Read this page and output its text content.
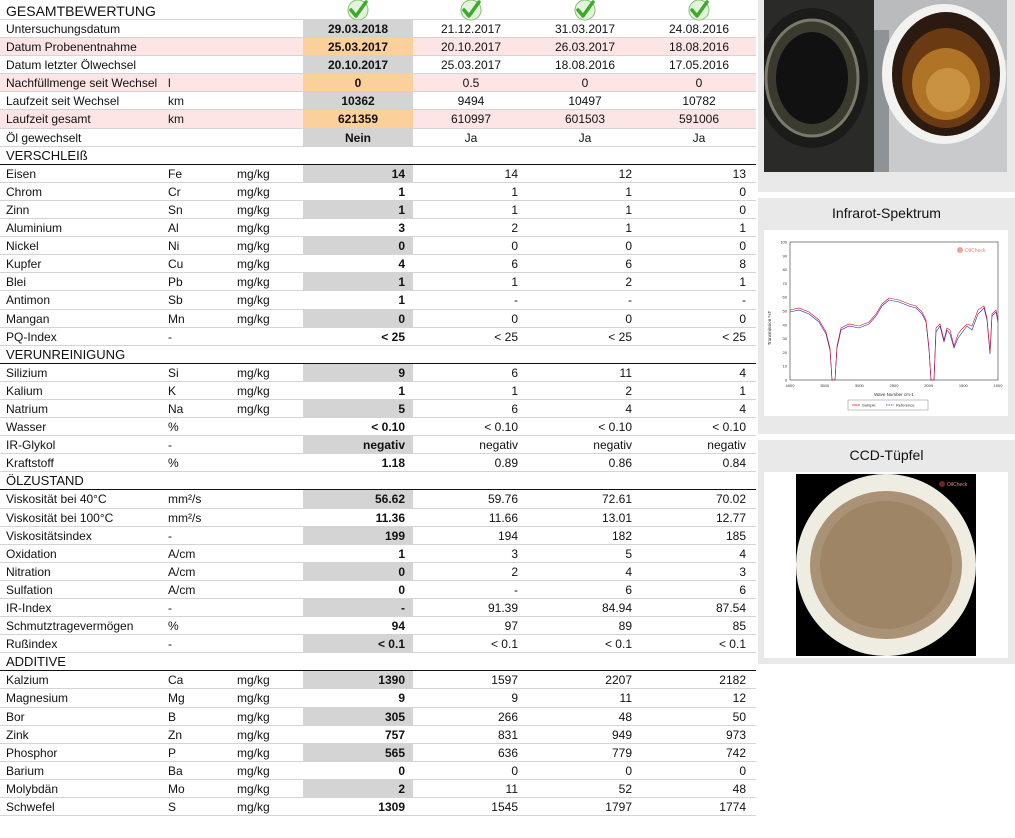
GESAMTBEWERTUNG
Untersuchungsdatum	29.03.2018	21.12.2017	31.03.2017	24.08.2016
Datum Probenentnahme	25.03.2017	20.10.2017	26.03.2017	18.08.2016
Datum letzter Ölwechsel	20.10.2017	25.03.2017	18.08.2016	17.05.2016
Nachfüllmenge seit Wechsel l	0	0.5	0	0
Laufzeit seit Wechsel	km	10362	9494	10497	10782
Laufzeit gesamt	km	621359	610997	601503	591006
Öl gewechselt	Nein	Ja	Ja	Ja
VERSCHLEIß
Eisen	Fe	mg/kg	14	14	12	13
Chrom	Cr	mg/kg	1	1	1	0
Zinn	Sn	mg/kg	1	1	1	0
Aluminium	Al	mg/kg	3	2	1	1
Nickel	Ni	mg/kg	0	0	0	0
Kupfer	Cu	mg/kg	4	6	6	8
Blei	Pb	mg/kg	1	1	2	1
Antimon	Sb	mg/kg	1	-	-	-
Mangan	Mn	mg/kg	0	0	0	0
PQ-Index	-	< 25	< 25	< 25	< 25
VERUNREINIGUNG
Silizium	Si	mg/kg	9	6	11	4
Kalium	K	mg/kg	1	1	2	1
Natrium	Na	mg/kg	5	6	4	4
Wasser	%	< 0.10	< 0.10	< 0.10	< 0.10
IR-Glykol	-	negativ	negativ	negativ	negativ
Kraftstoff	%	1.18	0.89	0.86	0.84
ÖLZUSTAND
Viskosität bei 40°C	mm²/s	56.62	59.76	72.61	70.02
Viskosität bei 100°C	mm²/s	11.36	11.66	13.01	12.77
Viskositätsindex	-	199	194	182	185
Oxidation	A/cm	1	3	5	4
Nitration	A/cm	0	2	4	3
Sulfation	A/cm	0	-	6	6
IR-Index	-	-	91.39	84.94	87.54
Schmutztragevermögen	%	94	97	89	85
Rußindex	-	< 0.1	< 0.1	< 0.1	< 0.1
ADDITIVE
Kalzium	Ca	mg/kg	1390	1597	2207	2182
Magnesium	Mg	mg/kg	9	9	11	12
Bor	B	mg/kg	305	266	48	50
Zink	Zn	mg/kg	757	831	949	973
Phosphor	P	mg/kg	565	636	779	742
Barium	Ba	mg/kg	0	0	0	0
Molybdän	Mo	mg/kg	2	11	52	48
Schwefel	S	mg/kg	1309	1545	1797	1774
Infrarot-Spektrum
Transmission %T
100
90
80
70
60
50
40
30
20
10
0
4000	3500	3000	2500	2000	1500	1000
Wave Number cm-1
Sample	Reference
OilCheck
CCD-Tüpfel
OilCheck
